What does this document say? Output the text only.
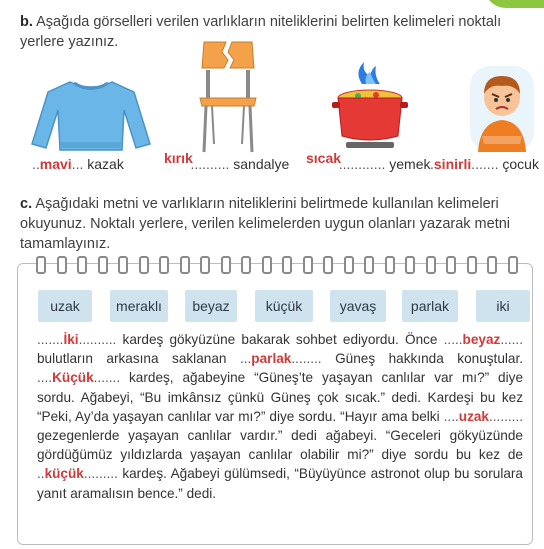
b. Aşağıda görselleri verilen varlıkların niteliklerini belirten kelimeleri noktalı yerlere yazınız.
..mavi... kazak	kırık
.......... sandalye sıcak
............ yemek .sinirli....... çocuk
c. Aşağıdaki metni ve varlıkların niteliklerini belirtmede kullanılan kelimeleri okuyunuz. Noktalı yerlere, verilen kelimelerden uygun olanları yazarak metni tamamlayınız.
uzak	meraklı	beyaz	küçük	yavaş	parlak	iki
.......İki.......... kardeş gökyüzüne bakarak sohbet ediyordu. Önce .....beyaz...... bulutların arkasına saklanan ...parlak........ Güneş hakkında konuştular. ....Küçük....... kardeş, ağabeyine “Güneş’te yaşayan canlılar var mı?” diye sordu. Ağabeyi, “Bu imkânsız çünkü Güneş çok sıcak.” dedi. Kardeşi bu kez “Peki, Ay’da yaşayan canlılar var mı?” diye sordu. “Hayır ama belki ....uzak......... gezegenlerde yaşayan canlılar vardır.” dedi ağabeyi. “Geceleri gökyüzünde gördüğümüz yıldızlarda yaşayan canlılar olabilir mi?” diye sordu bu kez de ..küçük......... kardeş. Ağabeyi gülümsedi, “Büyüyünce astronot olup bu sorulara yanıt aramalısın bence.” dedi.
